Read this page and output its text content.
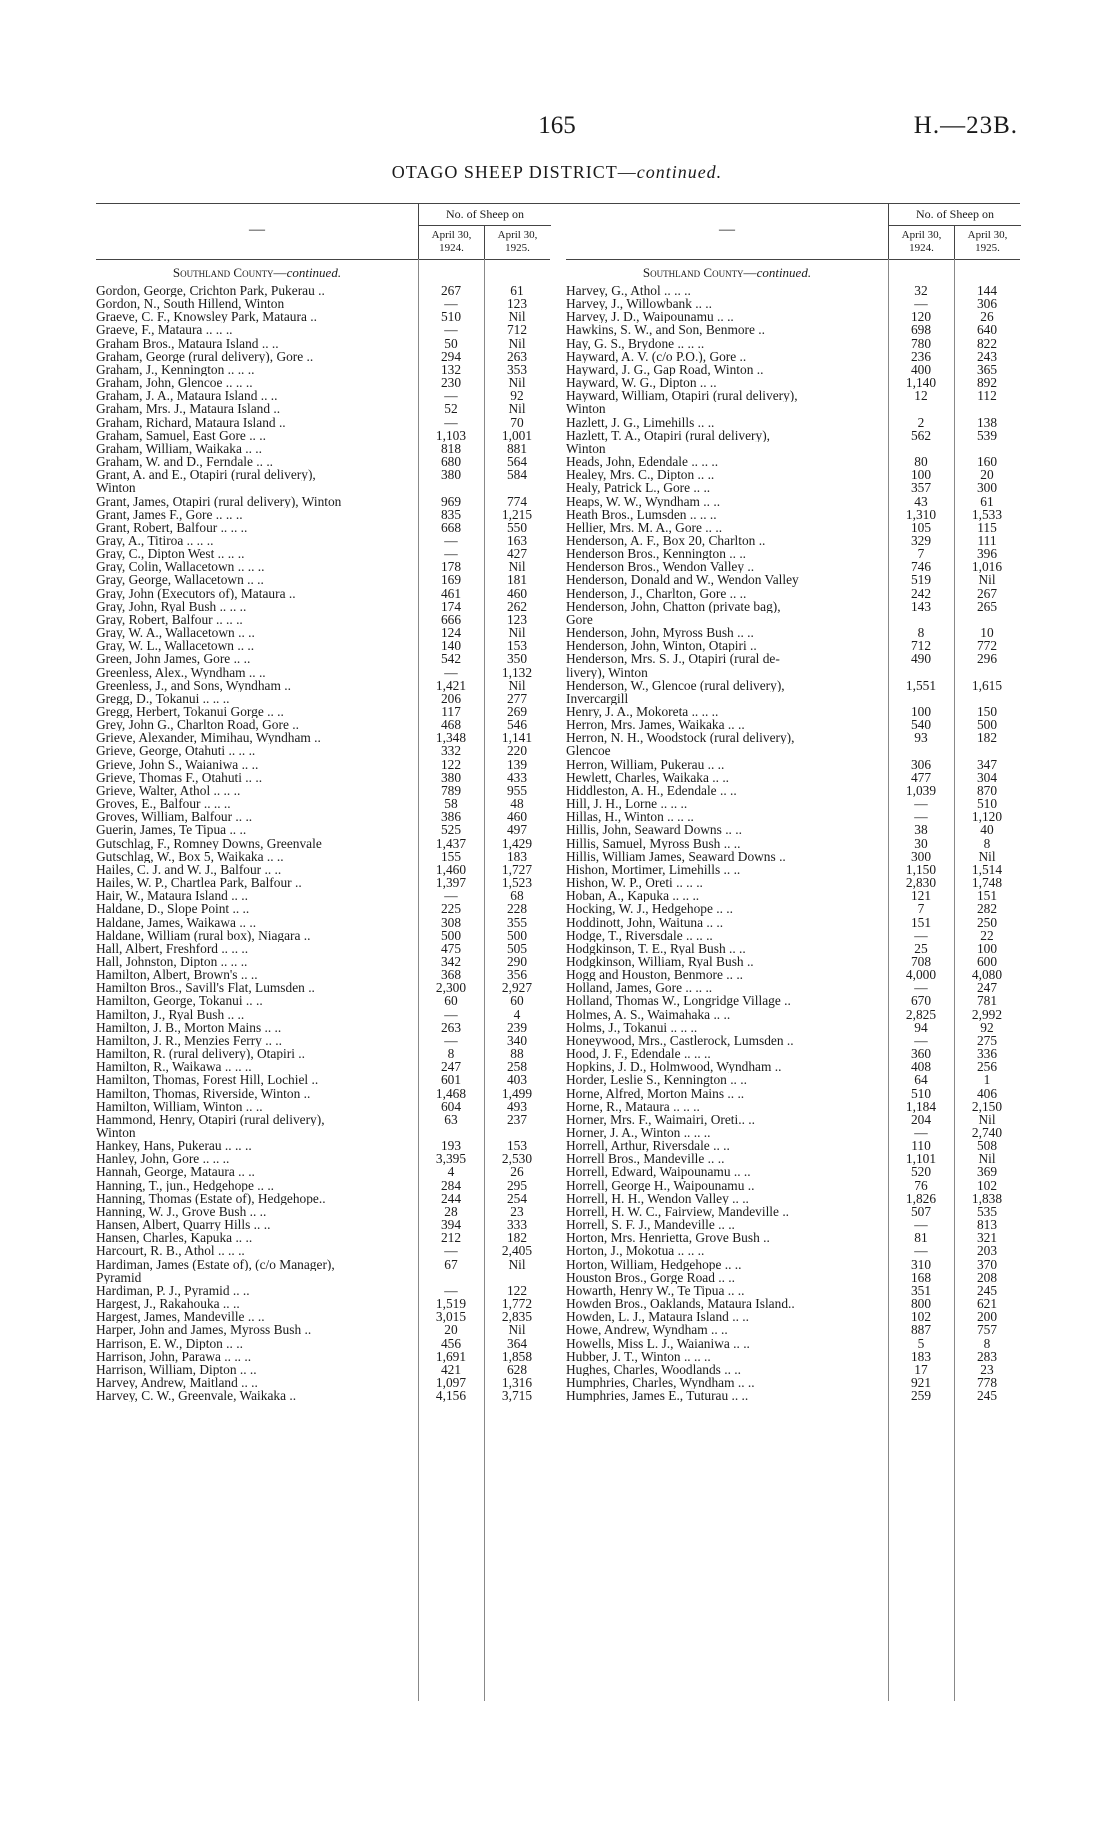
165	H.—23B.
OTAGO SHEEP DISTRICT—continued.
—
No. of Sheep on
April 30, 1924.
April 30, 1925.
Southland County—continued.
Gordon, George, Crichton Park, Pukerau ..	267	61
Gordon, N., South Hillend, Winton	—	123
Graeve, C. F., Knowsley Park, Mataura ..	510	Nil
Graeve, F., Mataura .. .. ..	—	712
Graham Bros., Mataura Island .. ..	50	Nil
Graham, George (rural delivery), Gore ..	294	263
Graham, J., Kennington .. .. ..	132	353
Graham, John, Glencoe .. .. ..	230	Nil
Graham, J. A., Mataura Island .. ..	—	92
Graham, Mrs. J., Mataura Island ..	52	Nil
Graham, Richard, Mataura Island ..	—	70
Graham, Samuel, East Gore .. ..	1,103	1,001
Graham, William, Waikaka .. ..	818	881
Graham, W. and D., Ferndale .. ..	680	564
Grant, A. and E., Otapiri (rural delivery),	380	584
Winton
Grant, James, Otapiri (rural delivery), Winton	969	774
Grant, James F., Gore .. .. ..	835	1,215
Grant, Robert, Balfour .. .. ..	668	550
Gray, A., Titiroa .. .. ..	—	163
Gray, C., Dipton West .. .. ..	—	427
Gray, Colin, Wallacetown .. .. ..	178	Nil
Gray, George, Wallacetown .. ..	169	181
Gray, John (Executors of), Mataura ..	461	460
Gray, John, Ryal Bush .. .. ..	174	262
Gray, Robert, Balfour .. .. ..	666	123
Gray, W. A., Wallacetown .. ..	124	Nil
Gray, W. L., Wallacetown .. ..	140	153
Green, John James, Gore .. ..	542	350
Greenless, Alex., Wyndham .. ..	—	1,132
Greenless, J., and Sons, Wyndham ..	1,421	Nil
Gregg, D., Tokanui .. .. ..	206	277
Gregg, Herbert, Tokanui Gorge .. ..	117	269
Grey, John G., Charlton Road, Gore ..	468	546
Grieve, Alexander, Mimihau, Wyndham ..	1,348	1,141
Grieve, George, Otahuti .. .. ..	332	220
Grieve, John S., Waianiwa .. ..	122	139
Grieve, Thomas F., Otahuti .. ..	380	433
Grieve, Walter, Athol .. .. ..	789	955
Groves, E., Balfour .. .. ..	58	48
Groves, William, Balfour .. ..	386	460
Guerin, James, Te Tipua .. ..	525	497
Gutschlag, F., Romney Downs, Greenvale	1,437	1,429
Gutschlag, W., Box 5, Waikaka .. ..	155	183
Hailes, C. J. and W. J., Balfour .. ..	1,460	1,727
Hailes, W. P., Chartlea Park, Balfour ..	1,397	1,523
Hair, W., Mataura Island .. ..	—	68
Haldane, D., Slope Point .. ..	225	228
Haldane, James, Waikawa .. ..	308	355
Haldane, William (rural box), Niagara ..	500	500
Hall, Albert, Freshford .. .. ..	475	505
Hall, Johnston, Dipton .. .. ..	342	290
Hamilton, Albert, Brown's .. ..	368	356
Hamilton Bros., Savill's Flat, Lumsden ..	2,300	2,927
Hamilton, George, Tokanui .. ..	60	60
Hamilton, J., Ryal Bush .. ..	—	4
Hamilton, J. B., Morton Mains .. ..	263	239
Hamilton, J. R., Menzies Ferry .. ..	—	340
Hamilton, R. (rural delivery), Otapiri ..	8	88
Hamilton, R., Waikawa .. .. ..	247	258
Hamilton, Thomas, Forest Hill, Lochiel ..	601	403
Hamilton, Thomas, Riverside, Winton ..	1,468	1,499
Hamilton, William, Winton .. ..	604	493
Hammond, Henry, Otapiri (rural delivery),	63	237
Winton
Hankey, Hans, Pukerau .. .. ..	193	153
Hanley, John, Gore .. .. ..	3,395	2,530
Hannah, George, Mataura .. ..	4	26
Hanning, T., jun., Hedgehope .. ..	284	295
Hanning, Thomas (Estate of), Hedgehope..	244	254
Hanning, W. J., Grove Bush .. ..	28	23
Hansen, Albert, Quarry Hills .. ..	394	333
Hansen, Charles, Kapuka .. ..	212	182
Harcourt, R. B., Athol .. .. ..	—	2,405
Hardiman, James (Estate of), (c/o Manager),	67	Nil
Pyramid
Hardiman, P. J., Pyramid .. ..	—	122
Hargest, J., Rakahouka .. ..	1,519	1,772
Hargest, James, Mandeville .. ..	3,015	2,835
Harper, John and James, Myross Bush ..	20	Nil
Harrison, E. W., Dipton .. ..	456	364
Harrison, John, Parawa .. .. ..	1,691	1,858
Harrison, William, Dipton .. ..	421	628
Harvey, Andrew, Maitland .. ..	1,097	1,316
Harvey, C. W., Greenvale, Waikaka ..	4,156	3,715
—
No. of Sheep on
April 30, 1924.
April 30, 1925.
Southland County—continued.
Harvey, G., Athol .. .. ..	32	144
Harvey, J., Willowbank .. ..	—	306
Harvey, J. D., Waipounamu .. ..	120	26
Hawkins, S. W., and Son, Benmore ..	698	640
Hay, G. S., Brydone .. .. ..	780	822
Hayward, A. V. (c/o P.O.), Gore ..	236	243
Hayward, J. G., Gap Road, Winton ..	400	365
Hayward, W. G., Dipton .. ..	1,140	892
Hayward, William, Otapiri (rural delivery),	12	112
Winton
Hazlett, J. G., Limehills .. ..	2	138
Hazlett, T. A., Otapiri (rural delivery),	562	539
Winton
Heads, John, Edendale .. .. ..	80	160
Healey, Mrs. C., Dipton .. ..	100	20
Healy, Patrick L., Gore .. ..	357	300
Heaps, W. W., Wyndham .. ..	43	61
Heath Bros., Lumsden .. .. ..	1,310	1,533
Hellier, Mrs. M. A., Gore .. ..	105	115
Henderson, A. F., Box 20, Charlton ..	329	111
Henderson Bros., Kennington .. ..	7	396
Henderson Bros., Wendon Valley ..	746	1,016
Henderson, Donald and W., Wendon Valley	519	Nil
Henderson, J., Charlton, Gore .. ..	242	267
Henderson, John, Chatton (private bag),	143	265
Gore
Henderson, John, Myross Bush .. ..	8	10
Henderson, John, Winton, Otapiri ..	712	772
Henderson, Mrs. S. J., Otapiri (rural de-	490	296
livery), Winton
Henderson, W., Glencoe (rural delivery),	1,551	1,615
Invercargill
Henry, J. A., Mokoreta .. .. ..	100	150
Herron, Mrs. James, Waikaka .. ..	540	500
Herron, N. H., Woodstock (rural delivery),	93	182
Glencoe
Herron, William, Pukerau .. ..	306	347
Hewlett, Charles, Waikaka .. ..	477	304
Hiddleston, A. H., Edendale .. ..	1,039	870
Hill, J. H., Lorne .. .. ..	—	510
Hillas, H., Winton .. .. ..	—	1,120
Hillis, John, Seaward Downs .. ..	38	40
Hillis, Samuel, Myross Bush .. ..	30	8
Hillis, William James, Seaward Downs ..	300	Nil
Hishon, Mortimer, Limehills .. ..	1,150	1,514
Hishon, W. P., Oreti .. .. ..	2,830	1,748
Hoban, A., Kapuka .. .. ..	121	151
Hocking, W. J., Hedgehope .. ..	7	282
Hoddinott, John, Waituna .. ..	151	250
Hodge, T., Riversdale .. .. ..	—	22
Hodgkinson, T. E., Ryal Bush .. ..	25	100
Hodgkinson, William, Ryal Bush ..	708	600
Hogg and Houston, Benmore .. ..	4,000	4,080
Holland, James, Gore .. .. ..	—	247
Holland, Thomas W., Longridge Village ..	670	781
Holmes, A. S., Waimahaka .. ..	2,825	2,992
Holms, J., Tokanui .. .. ..	94	92
Honeywood, Mrs., Castlerock, Lumsden ..	—	275
Hood, J. F., Edendale .. .. ..	360	336
Hopkins, J. D., Holmwood, Wyndham ..	408	256
Horder, Leslie S., Kennington .. ..	64	1
Horne, Alfred, Morton Mains .. ..	510	406
Horne, R., Mataura .. .. ..	1,184	2,150
Horner, Mrs. F., Waimairi, Oreti.. ..	204	Nil
Horner, J. A., Winton .. .. ..	—	2,740
Horrell, Arthur, Riversdale .. ..	110	508
Horrell Bros., Mandeville .. ..	1,101	Nil
Horrell, Edward, Waipounamu .. ..	520	369
Horrell, George H., Waipounamu ..	76	102
Horrell, H. H., Wendon Valley .. ..	1,826	1,838
Horrell, H. W. C., Fairview, Mandeville ..	507	535
Horrell, S. F. J., Mandeville .. ..	—	813
Horton, Mrs. Henrietta, Grove Bush ..	81	321
Horton, J., Mokotua .. .. ..	—	203
Horton, William, Hedgehope .. ..	310	370
Houston Bros., Gorge Road .. ..	168	208
Howarth, Henry W., Te Tipua .. ..	351	245
Howden Bros., Oaklands, Mataura Island..	800	621
Howden, L. J., Mataura Island .. ..	102	200
Howe, Andrew, Wyndham .. ..	887	757
Howells, Miss L. J., Waianiwa .. ..	5	8
Hubber, J. T., Winton .. .. ..	183	283
Hughes, Charles, Woodlands .. ..	17	23
Humphries, Charles, Wyndham .. ..	921	778
Humphries, James E., Tuturau .. ..	259	245
